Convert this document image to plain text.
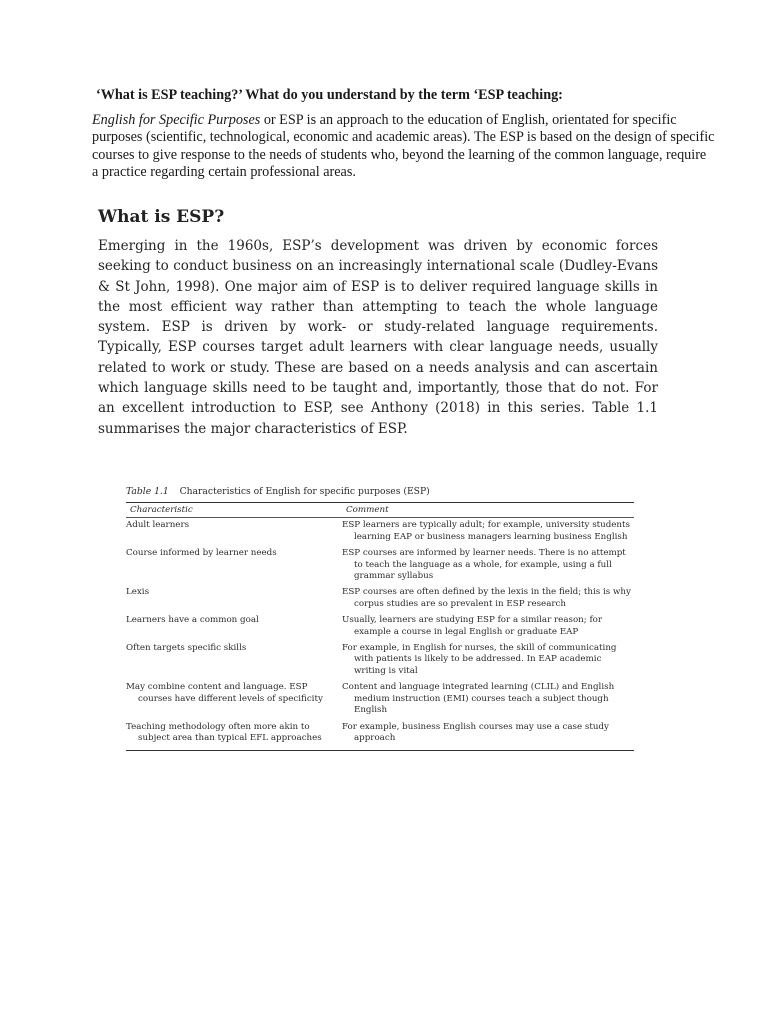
‘What is ESP teaching?’ What do you understand by the term ‘ESP teaching:
English for Specific Purposes or ESP is an approach to the education of English, orientated for specific purposes (scientific, technological, economic and academic areas). The ESP is based on the design of specific courses to give response to the needs of students who, beyond the learning of the common language, require a practice regarding certain professional areas.
What is ESP?
Emerging in the 1960s, ESP’s development was driven by economic forces seeking to conduct business on an increasingly international scale (Dudley-Evans & St John, 1998). One major aim of ESP is to deliver required language skills in the most efficient way rather than attempting to teach the whole language system. ESP is driven by work- or study-related language requirements. Typically, ESP courses target adult learners with clear language needs, usually related to work or study. These are based on a needs analysis and can ascertain which language skills need to be taught and, importantly, those that do not. For an excellent introduction to ESP, see Anthony (2018) in this series. Table 1.1 summarises the major characteristics of ESP.
Table 1.1 Characteristics of English for specific purposes (ESP)
Characteristic	Comment
Adult learners	ESP learners are typically adult; for example, university students learning EAP or business managers learning business English
Course informed by learner needs	ESP courses are informed by learner needs. There is no attempt to teach the language as a whole, for example, using a full grammar syllabus
Lexis	ESP courses are often defined by the lexis in the field; this is why corpus studies are so prevalent in ESP research
Learners have a common goal	Usually, learners are studying ESP for a similar reason; for example a course in legal English or graduate EAP
Often targets specific skills	For example, in English for nurses, the skill of communicating with patients is likely to be addressed. In EAP academic writing is vital
May combine content and language. ESP courses have different levels of specificity	Content and language integrated learning (CLIL) and English medium instruction (EMI) courses teach a subject though English
Teaching methodology often more akin to subject area than typical EFL approaches	For example, business English courses may use a case study approach
